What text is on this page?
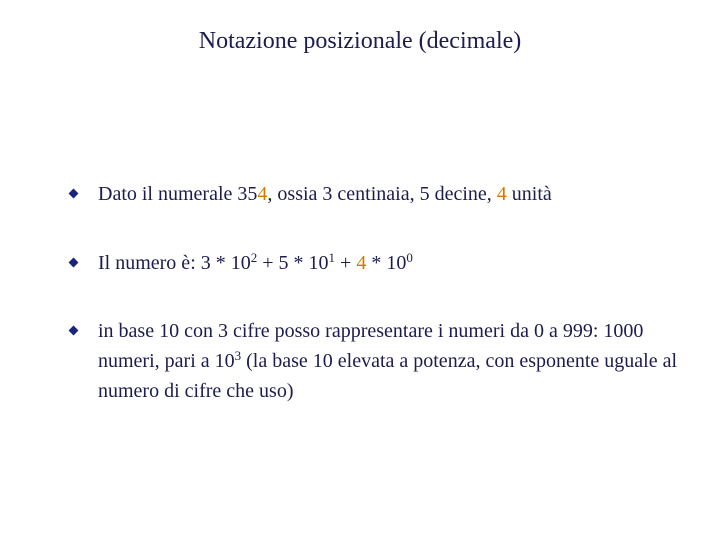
Notazione posizionale (decimale)
Dato il numerale 354, ossia 3 centinaia, 5 decine, 4 unità
Il numero è: $3 * 10^2 + 5 * 10^1 + 4 * 10^0$
in base 10 con 3 cifre posso rappresentare i numeri da 0 a 999: 1000 numeri, pari a $10^3$ (la base 10 elevata a potenza, con esponente uguale al numero di cifre che uso)
